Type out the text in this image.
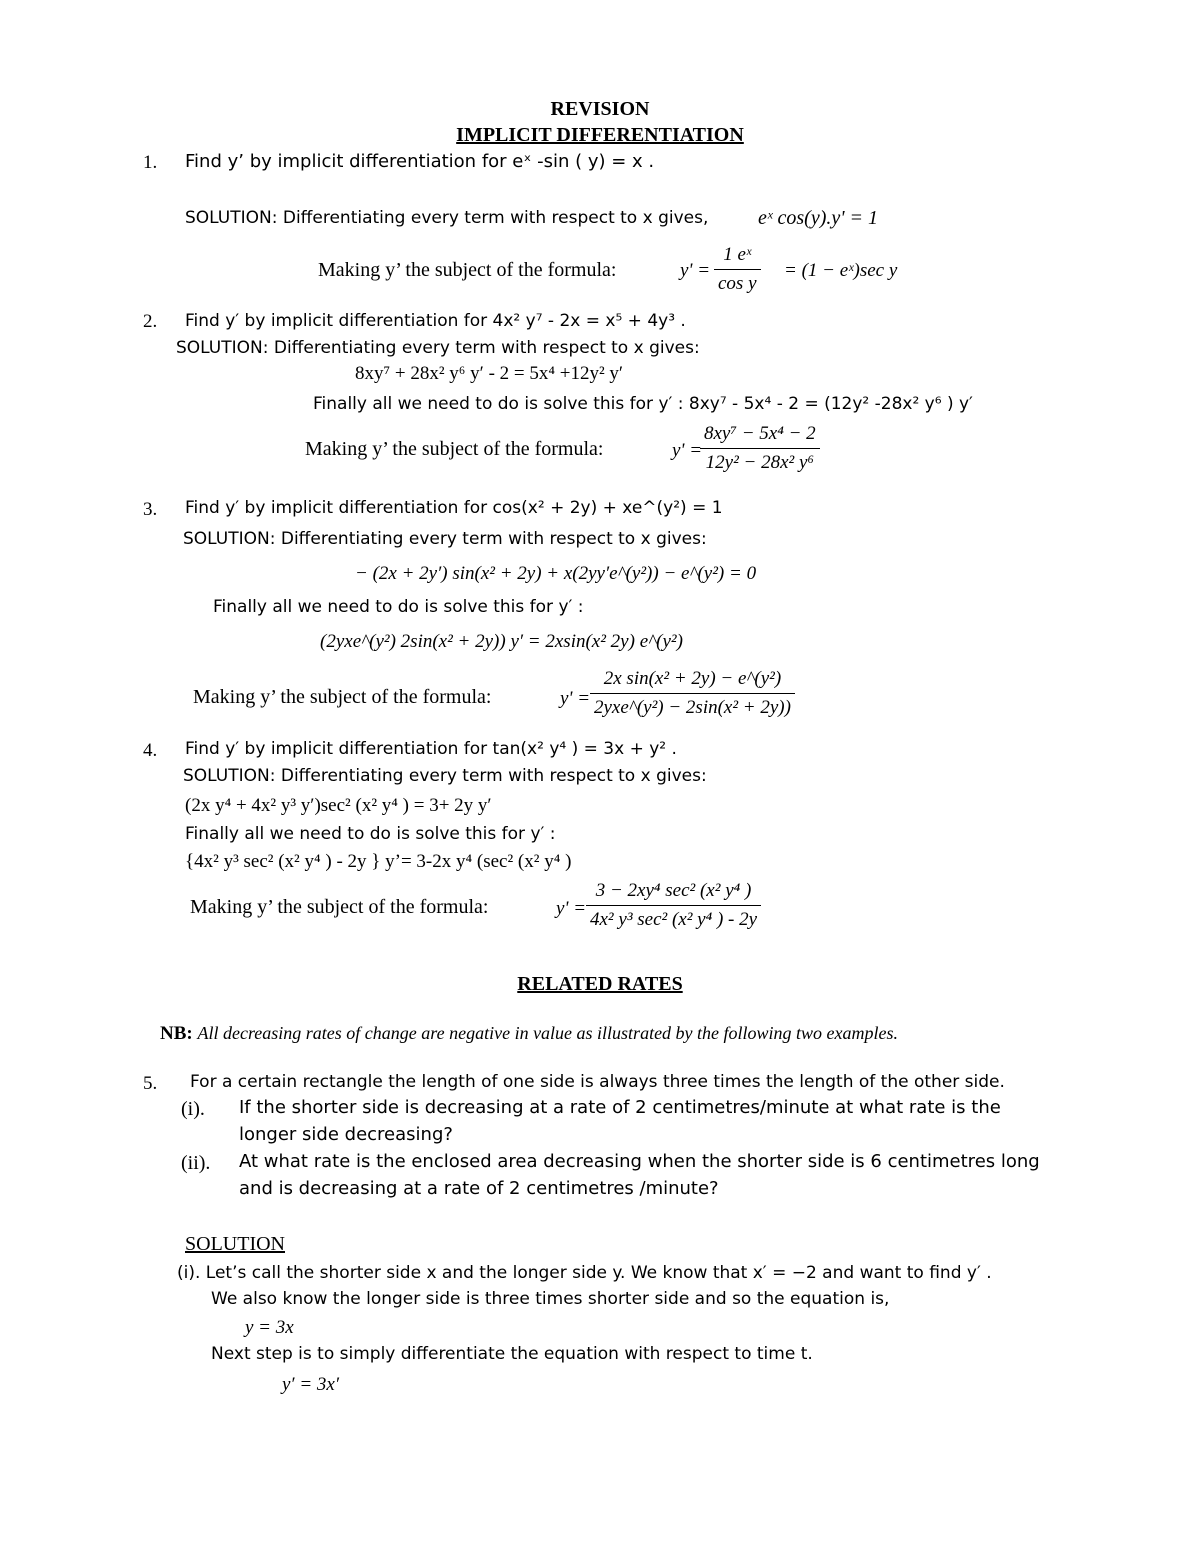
REVISION
IMPLICIT DIFFERENTIATION
1. Find y’ by implicit differentiation for eˣ -sin ( y) = x .
SOLUTION: Differentiating every term with respect to x gives, eˣ cos(y).y' = 1
Making y’ the subject of the formula:	$y' = \frac{\text{1 eˣ}}{\text{cos y}} = (1$ − eˣ)sec y
2. Find y′ by implicit differentiation for 4x² y⁷ - 2x = x⁵ + 4y³ .
SOLUTION: Differentiating every term with respect to x gives:
8xy⁷ + 28x² y⁶ y′ - 2 = 5x⁴ +12y² y′
Finally all we need to do is solve this for y′ : 8xy⁷ - 5x⁴ - 2 = (12y² -28x² y⁶ ) y′
Making y’ the subject of the formula:	y' =
$\frac{\text{8xy⁷ − 5x⁴ − 2}}{\text{12y² − 28x² y⁶}}$
3. Find y′ by implicit differentiation for cos(x² + 2y) + xe^(y²) = 1
SOLUTION: Differentiating every term with respect to x gives:
− (2x + 2y′) sin(x² + 2y) + x(2yy′e^(y²)) − e^(y²) = 0
Finally all we need to do is solve this for y′ :
(2yxe^(y²) 2sin(x² + 2y)) y′ = 2xsin(x² 2y) e^(y²)
Making y’ the subject of the formula:	y' =
2x sin(x² + 2y) − e^(y²)
2yxe^(y²) − 2sin(x² + 2y))
4. Find y′ by implicit differentiation for tan(x² y⁴ ) = 3x + y² .
SOLUTION: Differentiating every term with respect to x gives:
(2x y⁴ + 4x² y³ y′)sec² (x² y⁴ ) = 3+ 2y y′
Finally all we need to do is solve this for y′ :
{4x² y³ sec² (x² y⁴ ) - 2y } y’= 3-2x y⁴ (sec² (x² y⁴ )
Making y’ the subject of the formula:	y' =
3 − 2xy⁴ sec² (x² y⁴ )
4x² y³ sec² (x² y⁴ ) - 2y
RELATED RATES
NB: All decreasing rates of change are negative in value as illustrated by the following two examples.
5. For a certain rectangle the length of one side is always three times the length of the other side.
(i). If the shorter side is decreasing at a rate of 2 centimetres/minute at what rate is the
longer side decreasing?
(ii). At what rate is the enclosed area decreasing when the shorter side is 6 centimetres long
and is decreasing at a rate of 2 centimetres /minute?
SOLUTION
(i). Let’s call the shorter side x and the longer side y. We know that x′ = −2 and want to find y′ .
We also know the longer side is three times shorter side and so the equation is,
y = 3x
Next step is to simply differentiate the equation with respect to time t.
y′ = 3x′
